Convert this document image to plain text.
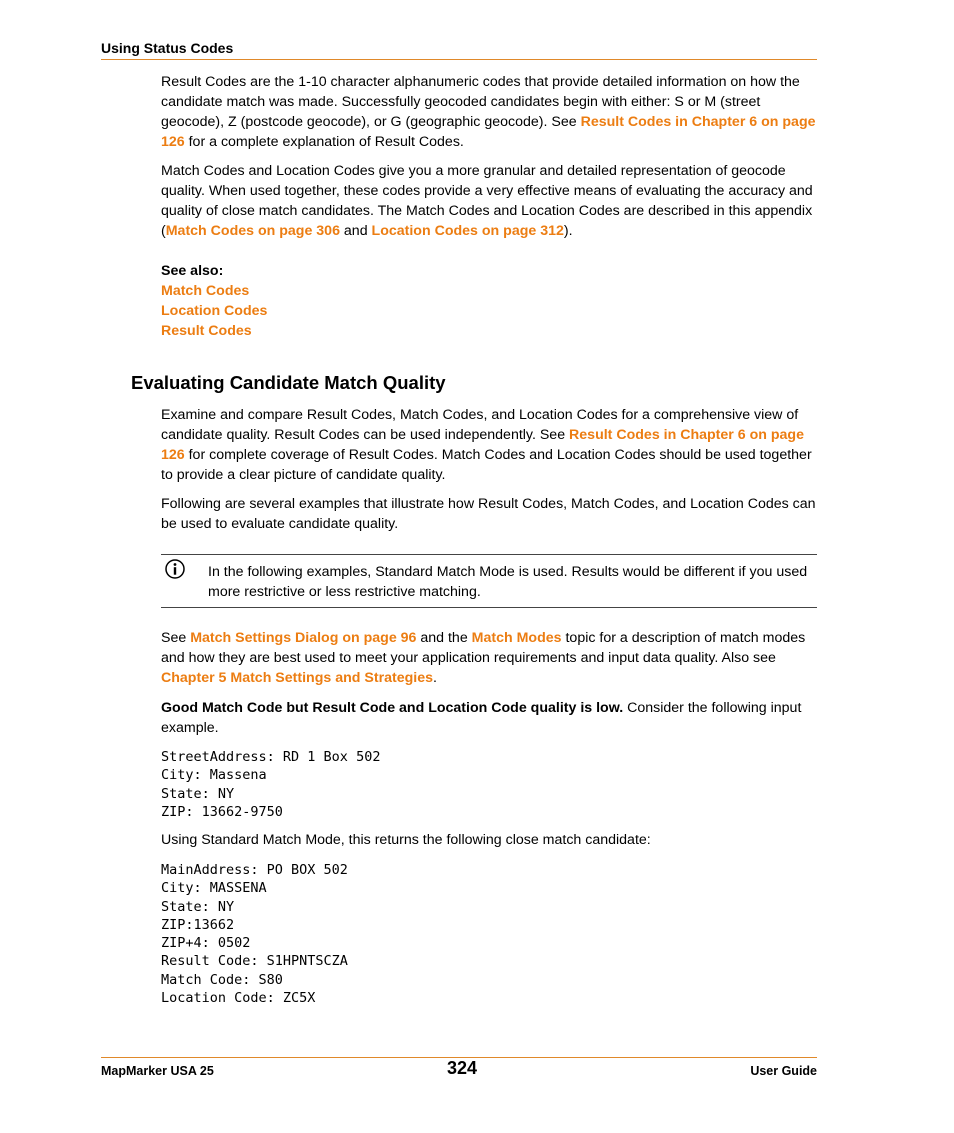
Using Status Codes

Result Codes are the 1-10 character alphanumeric codes that provide detailed information on how the candidate match was made. Successfully geocoded candidates begin with either: S or M (street geocode), Z (postcode geocode), or G (geographic geocode). See Result Codes in Chapter 6 on page 126 for a complete explanation of Result Codes.

Match Codes and Location Codes give you a more granular and detailed representation of geocode quality. When used together, these codes provide a very effective means of evaluating the accuracy and quality of close match candidates. The Match Codes and Location Codes are described in this appendix (Match Codes on page 306 and Location Codes on page 312).

See also:
Match Codes
Location Codes
Result Codes
Evaluating Candidate Match Quality

Examine and compare Result Codes, Match Codes, and Location Codes for a comprehensive view of candidate quality. Result Codes can be used independently. See Result Codes in Chapter 6 on page 126 for complete coverage of Result Codes. Match Codes and Location Codes should be used together to provide a clear picture of candidate quality.

Following are several examples that illustrate how Result Codes, Match Codes, and Location Codes can be used to evaluate candidate quality.

In the following examples, Standard Match Mode is used. Results would be different if you used more restrictive or less restrictive matching.

See Match Settings Dialog on page 96 and the Match Modes topic for a description of match modes and how they are best used to meet your application requirements and input data quality. Also see Chapter 5 Match Settings and Strategies.

Good Match Code but Result Code and Location Code quality is low. Consider the following input example.

StreetAddress: RD 1 Box 502
City: Massena
State: NY
ZIP: 13662-9750

Using Standard Match Mode, this returns the following close match candidate:

MainAddress: PO BOX 502
City: MASSENA
State: NY
ZIP:13662
ZIP+4: 0502
Result Code: S1HPNTSCZA
Match Code: S80
Location Code: ZC5X
MapMarker USA 25	324	User Guide
